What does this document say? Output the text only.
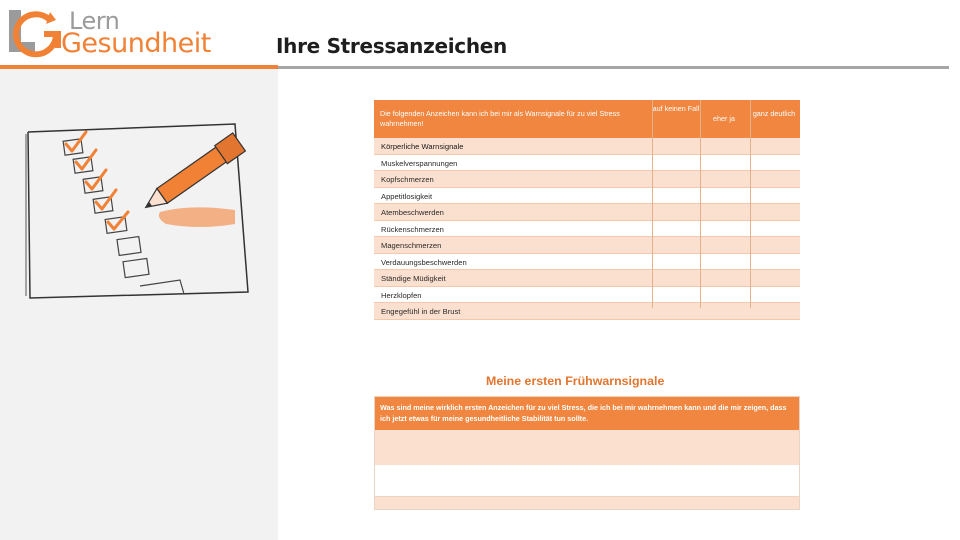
Lern
Gesundheit	Ihre Stressanzeichen
Die folgenden Anzeichen kann ich bei mir als Warnsignale für zu viel Stress wahrnehmen!
auf keinen Fall
eher ja
ganz deutlich
Körperliche Warnsignale
Muskelverspannungen
Kopfschmerzen
Appetitlosigkeit
Atembeschwerden
Rückenschmerzen
Magenschmerzen
Verdauungsbeschwerden
Ständige Müdigkeit
Herzklopfen
Engegefühl in der Brust
Meine ersten Frühwarnsignale
Was sind meine wirklich ersten Anzeichen für zu viel Stress, die ich bei mir wahrnehmen kann und die mir zeigen, dass ich jetzt etwas für meine gesundheitliche Stabilität tun sollte.
